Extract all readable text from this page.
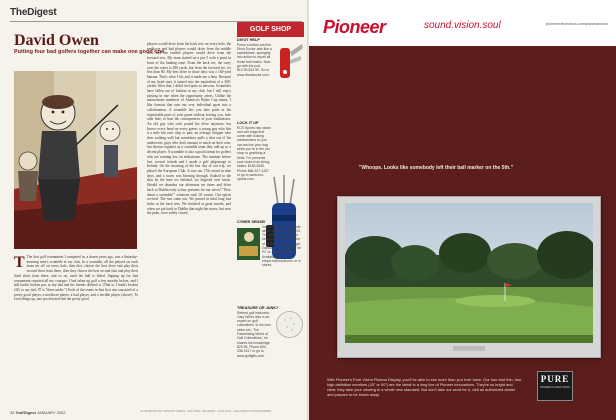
TheDigest
David Owen
Putting four bad golfers together can make one good one
T The first golf tournament I competed in, a dozen years ago, was a Saturday-morning men's scramble at my club. In a scramble, all the players on each team tee off on every hole, then they choose the best drive and play their second shots from there, then they choose the best second shot and play their third shots from there, and so on, until the ball is holed. Signing up for that tournament required all my courage: I had taken up golf a few months before, and I still hadn't broken par, as my dad and his friends defined it. (That is, I hadn't broken 100, to my dad, 97 is "three under.") Each of the teams in that first one consisted of a pretty good player, a mediocre player, a bad player, and a terrible player (above). To even things up, one pro decreed that the pretty good
players would drive from the back tees on every hole, the mediocre and bad players would drive from the middle tees, and the terrible players would drive from the forward tees. My team started on a par 5 with a pond in front of the landing zone. From the back tee, the carry over the water is 280 yards, but from the forward tee, it's less than 80. My best drive in those days was a 160-yard banana. That's what I hit, and it made me a hero. Because of my head start, it turned into the equivalent of a 300-yarder. After that, I didn't feel quite so nervous. Scrambles have fallen out of fashion at my club, but I still enjoy playing in one when the opportunity arises. Unlike the autonomous members of America's Ryder Cup teams, I like formats that turn our very individual sport into a collaboration. A scramble lets you take pride in the respectable parts of your game without forcing you, hole after hole, to bear the consequences of your weaknesses. An old guy who can't pound his drive anymore, but knows every bend on every green; a young guy who hits it a mile but can't chip or putt; an average chopper who does nothing well but sometimes pulls a shot out of his underwear: guys who don't amount to much on their own, but thrown together as a scramble team they add up to a decent player. A scramble is also a good format for golfers who are running low on enthusiasm. The summer before last, several friends and I made a golf pilgrimage to Ireland. On the morning of the last day of our trip, we played the European Club. It was our 17th round in nine days, and a storm was blowing through. Soaked to the skin by the time we finished, we lingered over lunch. Should we abandon our afternoon tee times and drive back to Dublin early to buy presents for our wives? "How about a scramble?" someone said. Of course. Our spirits revived. The sun came out. We passed in tidal long last holes at the back tees. We finished at great moods, and when we got back to Dublin that night the stores, but now the pubs, were safely closed.
GOLF SHOP
DIVOT HELP
Press a button and the Divot Doctor acts like a switchblade, springing into action to repair all those ball marks. Now go with the putt. $12.99-$14.99. Go to www.divotdoctor.com.
LOCK IT UP
ECS Sports has stand and cart bags that come with locking mechanisms so you can anchor your bag while you're in the pro shop or grabbing a drink. For presents your clubs from being stolen. $150-$160. Phone 866-327-2437 or go to www.ecs-sports.com.
CYBER SENSEI
Just in time for those cold winter days is Links 2003. The latest version of the best-selling golf simulator of all time features Sergio Garcia and is available for PC or Xbox. $49.95. Available at shops.microsoft.com or in stores.
TREASURE OR JUNK?
Retired golf instructor Gary Wiren also is an expert on golf collectibles. In his new video set, 'The Fascinating World of Golf Collectibles,' he shares his knowledge. $29.95. Phone 800-336-1517 or go to www.golfgifts.com.
32 GolfDigest JANUARY 2002	ILLUSTRATION BY ANTHONY FREDA · GOLF BAG: JIM WHITE · GOLF BALL: ALEX NI/EYE STATION/CORBIS
Pioneer	sound.vision.soul	pioneerelectronics.com/plasmavision
"Whoops. Looks like somebody left their ball marker on the 5th."
With Pioneer's Pure Vision Plasma Display, you'll be able to see more than you ever have. Our four-foot thin, four high-definition monitors (43" or 50") are the latest in a long line of Pioneer innovations. They're so bright and clear, they take your viewing to a whole new standard. But don't take our word for it, visit an authorized dealer and prepare to be blown away.
PURE
PIONEER PLASMA VISION
